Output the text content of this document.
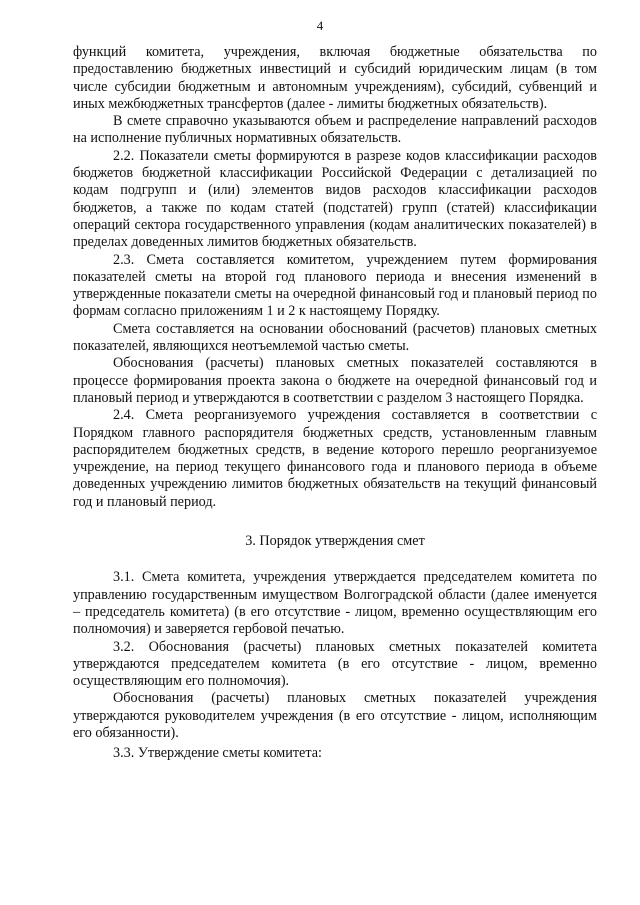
4

функций комитета, учреждения, включая бюджетные обязательства по предоставлению бюджетных инвестиций и субсидий юридическим лицам (в том числе субсидии бюджетным и автономным учреждениям), субсидий, субвенций и иных межбюджетных трансфертов (далее - лимиты бюджетных обязательств).

В смете справочно указываются объем и распределение направлений расходов на исполнение публичных нормативных обязательств.

2.2. Показатели сметы формируются в разрезе кодов классификации расходов бюджетов бюджетной классификации Российской Федерации с детализацией по кодам подгрупп и (или) элементов видов расходов классификации расходов бюджетов, а также по кодам статей (подстатей) групп (статей) классификации операций сектора государственного управления (кодам аналитических показателей) в пределах доведенных лимитов бюджетных обязательств.

2.3. Смета составляется комитетом, учреждением путем формирования показателей сметы на второй год планового периода и внесения изменений в утвержденные показатели сметы на очередной финансовый год и плановый период по формам согласно приложениям 1 и 2 к настоящему Порядку.

Смета составляется на основании обоснований (расчетов) плановых сметных показателей, являющихся неотъемлемой частью сметы.

Обоснования (расчеты) плановых сметных показателей составляются в процессе формирования проекта закона о бюджете на очередной финансовый год и плановый период и утверждаются в соответствии с разделом 3 настоящего Порядка.

2.4. Смета реорганизуемого учреждения составляется в соответствии с Порядком главного распорядителя бюджетных средств, установленным главным распорядителем бюджетных средств, в ведение которого перешло реорганизуемое учреждение, на период текущего финансового года и планового периода в объеме доведенных учреждению лимитов бюджетных обязательств на текущий финансовый год и плановый период.

3. Порядок утверждения смет

3.1. Смета комитета, учреждения утверждается председателем комитета по управлению государственным имуществом Волгоградской области (далее именуется – председатель комитета) (в его отсутствие - лицом, временно осуществляющим его полномочия) и заверяется гербовой печатью.

3.2. Обоснования (расчеты) плановых сметных показателей комитета утверждаются председателем комитета (в его отсутствие - лицом, временно осуществляющим его полномочия).

Обоснования (расчеты) плановых сметных показателей учреждения утверждаются руководителем учреждения (в его отсутствие - лицом, исполняющим его обязанности).

3.3. Утверждение сметы комитета:
